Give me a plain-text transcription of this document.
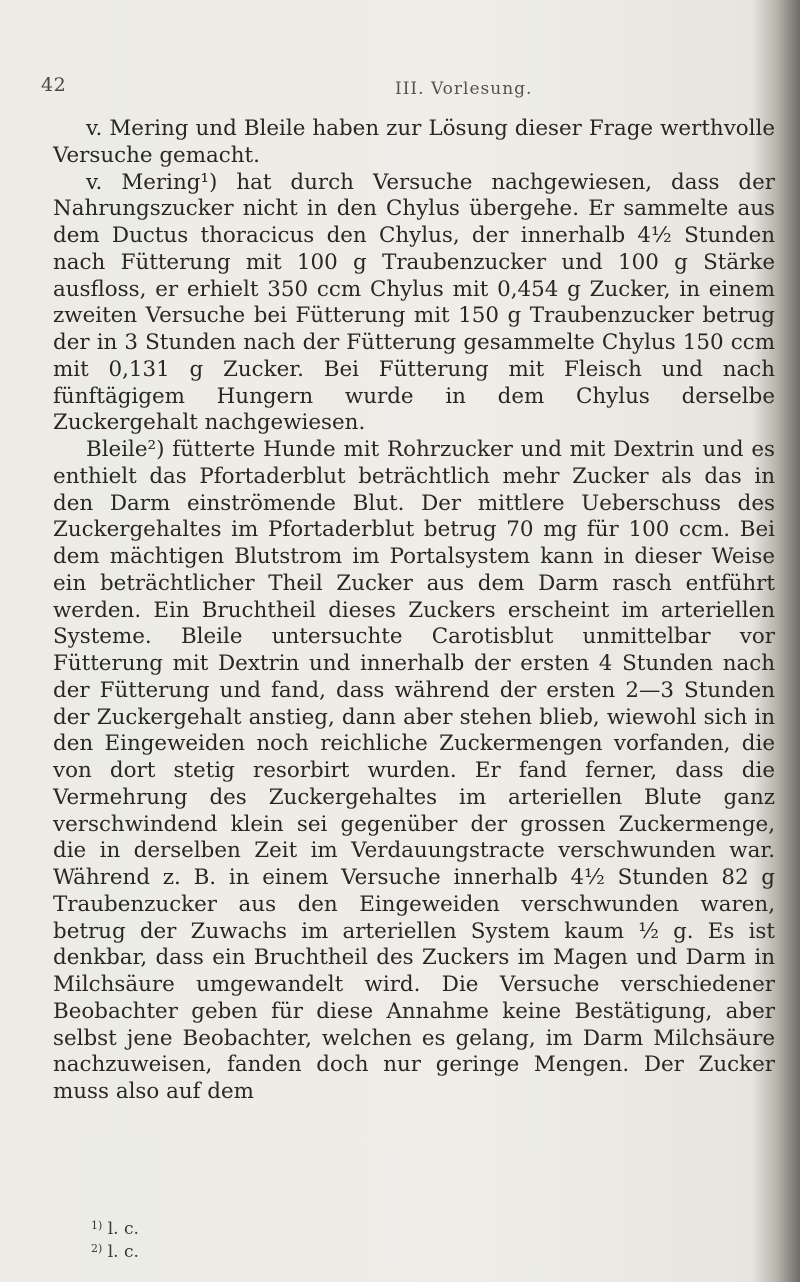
42	III. Vorlesung.

v. Mering und Bleile haben zur Lösung dieser Frage werthvolle Versuche gemacht.

v. Mering¹) hat durch Versuche nachgewiesen, dass der Nahrungszucker nicht in den Chylus übergehe. Er sammelte aus dem Ductus thoracicus den Chylus, der innerhalb 4½ Stunden nach Fütterung mit 100 g Traubenzucker und 100 g Stärke ausfloss, er erhielt 350 ccm Chylus mit 0,454 g Zucker, in einem zweiten Versuche bei Fütterung mit 150 g Traubenzucker betrug der in 3 Stunden nach der Fütterung gesammelte Chylus 150 ccm mit 0,131 g Zucker. Bei Fütterung mit Fleisch und nach fünftägigem Hungern wurde in dem Chylus derselbe Zuckergehalt nachgewiesen.

Bleile²) fütterte Hunde mit Rohrzucker und mit Dextrin und es enthielt das Pfortaderblut beträchtlich mehr Zucker als das in den Darm einströmende Blut. Der mittlere Ueberschuss des Zuckergehaltes im Pfortaderblut betrug 70 mg für 100 ccm. Bei dem mächtigen Blutstrom im Portalsystem kann in dieser Weise ein beträchtlicher Theil Zucker aus dem Darm rasch entführt werden. Ein Bruchtheil dieses Zuckers erscheint im arteriellen Systeme. Bleile untersuchte Carotisblut unmittelbar vor Fütterung mit Dextrin und innerhalb der ersten 4 Stunden nach der Fütterung und fand, dass während der ersten 2—3 Stunden der Zuckergehalt anstieg, dann aber stehen blieb, wiewohl sich in den Eingeweiden noch reichliche Zuckermengen vorfanden, die von dort stetig resorbirt wurden. Er fand ferner, dass die Vermehrung des Zuckergehaltes im arteriellen Blute ganz verschwindend klein sei gegenüber der grossen Zuckermenge, die in derselben Zeit im Verdauungstracte verschwunden war. Während z. B. in einem Versuche innerhalb 4½ Stunden 82 g Traubenzucker aus den Eingeweiden verschwunden waren, betrug der Zuwachs im arteriellen System kaum ½ g. Es ist denkbar, dass ein Bruchtheil des Zuckers im Magen und Darm in Milchsäure umgewandelt wird. Die Versuche verschiedener Beobachter geben für diese Annahme keine Bestätigung, aber selbst jene Beobachter, welchen es gelang, im Darm Milchsäure nachzuweisen, fanden doch nur geringe Mengen. Der Zucker muss also auf dem

$^{1)}$ l. c.
$^{2)}$ l. c.
